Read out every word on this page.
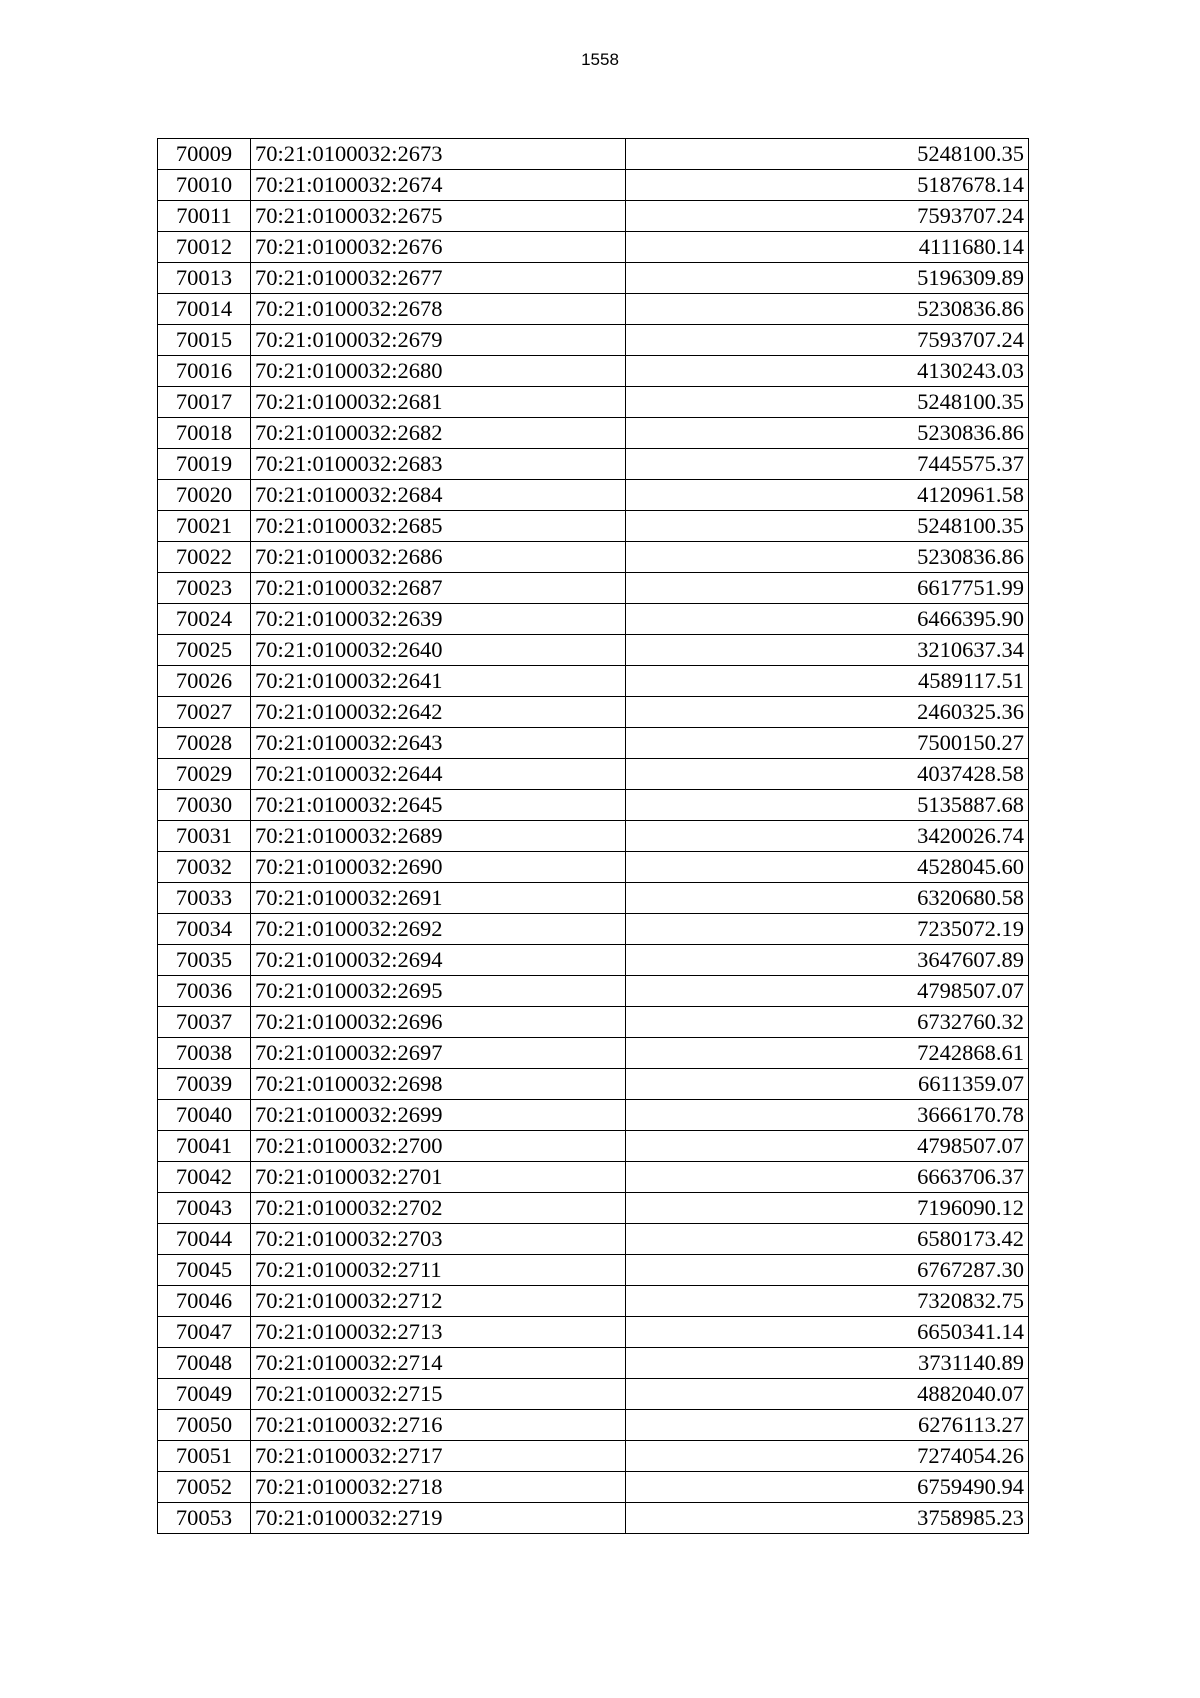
1558
70009	70:21:0100032:2673	5248100.35
70010	70:21:0100032:2674	5187678.14
70011	70:21:0100032:2675	7593707.24
70012	70:21:0100032:2676	4111680.14
70013	70:21:0100032:2677	5196309.89
70014	70:21:0100032:2678	5230836.86
70015	70:21:0100032:2679	7593707.24
70016	70:21:0100032:2680	4130243.03
70017	70:21:0100032:2681	5248100.35
70018	70:21:0100032:2682	5230836.86
70019	70:21:0100032:2683	7445575.37
70020	70:21:0100032:2684	4120961.58
70021	70:21:0100032:2685	5248100.35
70022	70:21:0100032:2686	5230836.86
70023	70:21:0100032:2687	6617751.99
70024	70:21:0100032:2639	6466395.90
70025	70:21:0100032:2640	3210637.34
70026	70:21:0100032:2641	4589117.51
70027	70:21:0100032:2642	2460325.36
70028	70:21:0100032:2643	7500150.27
70029	70:21:0100032:2644	4037428.58
70030	70:21:0100032:2645	5135887.68
70031	70:21:0100032:2689	3420026.74
70032	70:21:0100032:2690	4528045.60
70033	70:21:0100032:2691	6320680.58
70034	70:21:0100032:2692	7235072.19
70035	70:21:0100032:2694	3647607.89
70036	70:21:0100032:2695	4798507.07
70037	70:21:0100032:2696	6732760.32
70038	70:21:0100032:2697	7242868.61
70039	70:21:0100032:2698	6611359.07
70040	70:21:0100032:2699	3666170.78
70041	70:21:0100032:2700	4798507.07
70042	70:21:0100032:2701	6663706.37
70043	70:21:0100032:2702	7196090.12
70044	70:21:0100032:2703	6580173.42
70045	70:21:0100032:2711	6767287.30
70046	70:21:0100032:2712	7320832.75
70047	70:21:0100032:2713	6650341.14
70048	70:21:0100032:2714	3731140.89
70049	70:21:0100032:2715	4882040.07
70050	70:21:0100032:2716	6276113.27
70051	70:21:0100032:2717	7274054.26
70052	70:21:0100032:2718	6759490.94
70053	70:21:0100032:2719	3758985.23
